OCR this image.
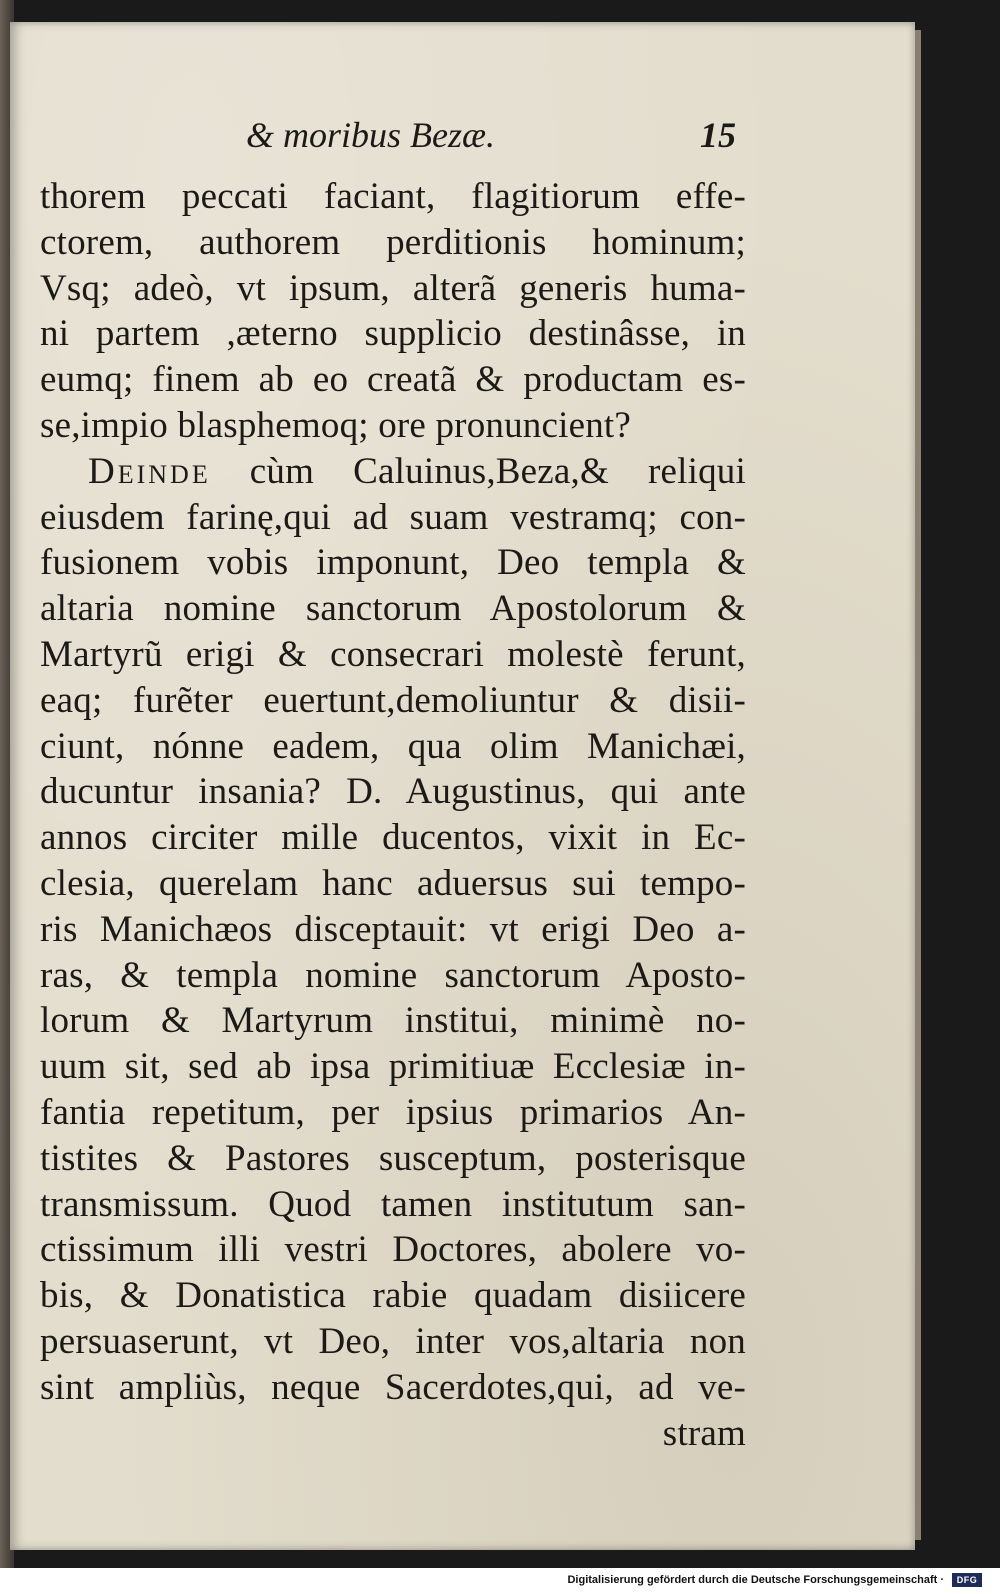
& moribus Bezæ.	15
thorem peccati faciant, flagitiorum effe-
ctorem, authorem perditionis hominum;
Vsq; adeò, vt ipsum, alterã generis huma-
ni partem ,æterno supplicio destinâsse, in
eumq; finem ab eo creatã & productam es-
se,impio blasphemoq; ore pronuncient?
Deinde cùm Caluinus,Beza,& reliqui
eiusdem farinę,qui ad suam vestramq; con-
fusionem vobis imponunt, Deo templa &
altaria nomine sanctorum Apostolorum &
Martyrũ erigi & consecrari molestè ferunt,
eaq; furẽter euertunt,demoliuntur & disii-
ciunt, nónne eadem, qua olim Manichæi,
ducuntur insania? D. Augustinus, qui ante
annos circiter mille ducentos, vixit in Ec-
clesia, querelam hanc aduersus sui tempo-
ris Manichæos disceptauit: vt erigi Deo a-
ras, & templa nomine sanctorum Aposto-
lorum & Martyrum institui, minimè no-
uum sit, sed ab ipsa primitiuæ Ecclesiæ in-
fantia repetitum, per ipsius primarios An-
tistites & Pastores susceptum, posterisque
transmissum. Quod tamen institutum san-
ctissimum illi vestri Doctores, abolere vo-
bis, & Donatistica rabie quadam disiicere
persuaserunt, vt Deo, inter vos,altaria non
sint ampliùs, neque Sacerdotes,qui, ad ve-
stram
Digitalisierung gefördert durch die Deutsche Forschungsgemeinschaft ·	DFG
